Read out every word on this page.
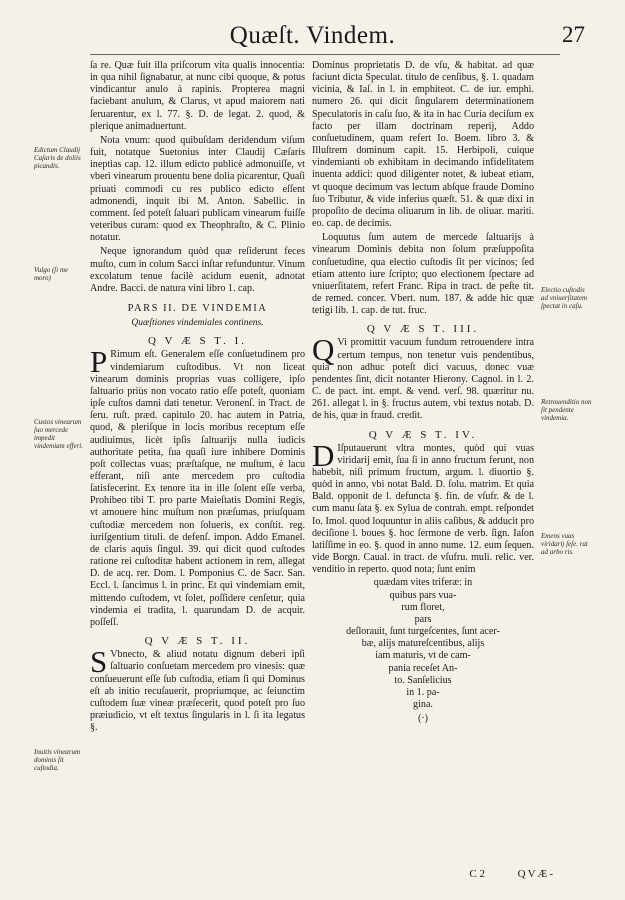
Quæſt. Vindem.	27

ſa re. Quæ fuit illa priſcorum vita qualis innocentia: in qua nihil ſignabatur, at nunc cibi quoque, & potus vindicantur anulo à rapinis. Propterea magni faciebant anulum, & Clarus, vt apud maiorem nati ſeruarentur, ex l. 77. §. D. de legat. 2. quod, & plerique animaduertunt.

Nota vnum: quod quibuſdam deridendum viſum fuit, notatque Suetonius inter Claudij Cæſaris ineptias cap. 12. illum edicto publicè admonuiſſe, vt vberi vinearum prouentu bene dolia picarentur, Quaſi priuati commodi cu res publico edicto eſſent admonendi, inquit ibi M. Anton. Sabellic. in comment. ſed poteſt ſaluari publicam vinearum fuiſſe veteribus curam: quod ex Theophraſto, & C. Plinio notatur.

Neque ignorandum quòd quæ reſiderunt feces muſto, cum in colum Sacci inſtar refunduntur. Vinum excolatum tenue facilè acidum euenit, adnotat Andre. Bacci. de natura vini libro 1. cap.

PARS II. DE VINDEMIA
Quæſtiones vindemiales continens.
Q V Æ S T. I.

P Rimum eſt. Generalem eſſe conſuetudinem pro vindemiarum cuſtodibus. Vt non liceat vinearum dominis proprias vuas colligere, ipſo ſaltuario priùs non vocato ratio eſſe poteſt, quoniam ipſe cuſtos damni dati tenetur. Veronenſ. in Tract. de ſeru. ruſt. præd. capitulo 20. hac autem in Patria, quod, & pleriſque in locis moribus receptum eſſe audiuimus, licèt ipſis ſaltuarijs nulla iudicis authoritate petita, ſua quaſi iure inhibere Dominis poſt collectas vuas; præſtaſque, ne muſtum, è lacu efferant, niſi ante mercedem pro cuſtodia ſatisfecerint. Ex tenore ita in ille ſolent eſſe verba, Prohibeo tibi T. pro parte Maieſtatis Domini Regis, vt amouere hinc muſtum non præſumas, priuſquam cuſtodiæ mercedem non ſolueris, ex conſtit. reg. iuriſgentium tituli. de defenſ. impon. Addo Emanel. de claris aquis ſingul. 39. qui dicit quod cuſtodes ratione rei cuſtoditæ habent actionem in rem, allegat D. de acq. rer. Dom. l. Pomponius C. de Sacr. San. Eccl. l. ſancimus l. in princ. Et qui vindemiam emit, mittendo cuſtodem, vt ſolet, poſſidere cenſetur, quia vindemia ei tradita, l. quarundam D. de acquir. poſſeſſ.

Q V Æ S T. II.

S Vbnecto, & aliud notatu dignum deberi ipſi ſaltuario conſuetam mercedem pro vinesis: quæ conſueuerunt eſſe ſub cuſtodia, etiam ſi qui Dominus eſt ab initio recuſauerit, propriumque, ac ſeiunctim cuſtodem ſuæ vineæ præſecerit, quod poteſt pro ſuo præiudicio, vt eſt textus ſingularis in l. ſi ita legatus §.

Dominus proprietatis D. de vſu, & habitat. ad quæ faciunt dicta Speculat. titulo de cenſibus, §. 1. quadam vicinia, & Iaſ. in l. in emphiteot. C. de iur. emphi. numero 26. qui dicit ſingularem determinationem Speculatoris in caſu ſuo, & ita in hac Curia deciſum ex facto per illam doctrinam reperij, Addo conſuetudinem, quam refert Io. Boem. libro 3. & Illuſtrem dominum capit. 15. Herbipoli, cuique vindemianti ob exhibitam in decimando infidelitatem inuenta addici: quod diligenter notet, & iubeat etiam, vt quoque decimum vas lectum abſque fraude Domino ſuo Tributur, & vide inferius quæſt. 51. & quæ dixi in propoſito de decima oliuarum in lib. de oliuar. mariti. eo. cap. de decimis.

Loquutus ſum autem de mercede ſaltuarijs à vinearum Dominis debita non ſolum præſuppoſita conſuetudine, qua electio cuſtodis ſit per vicinos; ſed etiam attento iure ſcripto; quo electionem ſpectare ad vniuerſitatem, refert Franc. Ripa in tract. de peſte tit. de remed. concer. Vbert. num. 187. & adde hic quæ tetigi lib. 1. cap. de tut. fruc.

Q V Æ S T. III.

Q Vi promittit vacuum fundum retrouendere intra certum tempus, non tenetur vuis pendentibus, quia non adhuc poteſt dici vacuus, donec vuæ pendentes ſint, dicit notanter Hierony. Cagnol. in l. 2. C. de pact. int. empt. & vend. verſ. 98. quæritur nu. 261. allegat l. in §. fructus autem, vbi textus notab. D. de his, quæ in fraud. credit.

Q V Æ S T. IV.

D Iſputauerunt vltra montes, quòd qui vuas viridarij emit, ſua ſi in anno fructum ferunt, non habebit, niſi primum fructum, argum. l. diuortio §. quòd in anno, vbi notat Bald. D. ſolu. matrim. Et quia Bald. opponit de l. defuncta §. fin. de vſufr. & de l. cum manu ſata §. ex Sylua de contrah. empt. reſpondet Io. Imol. quod loquuntur in aliis caſibus, & adducit pro deciſione l. boues §. hoc ſermone de verb. ſign. Iaſon latiſſime in eo. §. quod in anno nume. 12. eum ſequen. vide Borgn. Caual. in tract. de vſufru. muli. relic. ver. venditio in reperto. quod nota; ſunt enim

quædam vites triferæ: in
quibus pars vua-
rum floret,
pars
deſlorauit, ſunt turgeſcentes, ſunt acer-
bæ, alijs matureſcentibus, alijs
iam maturis, vt de cam-
pania receſet An-
to. Sanſelicius
in 1. pa-
gina.
(·)
Edictum Claudij Caſaris de doliis picandis.
Vulgo (ſi me moro)
Custos vinearum ſuo mercede impedit vindemiam efferi.
Inuitis vinearum dominis ſit cuſtodia.
Electio cuſtodis ad vniuerſitatem ſpectat in caſu.
Retrouenditio non ſit pendente vindemia.
Emens vuas viridarij ſeſe. rat ad arbo ris.
C 2	QVÆ-
